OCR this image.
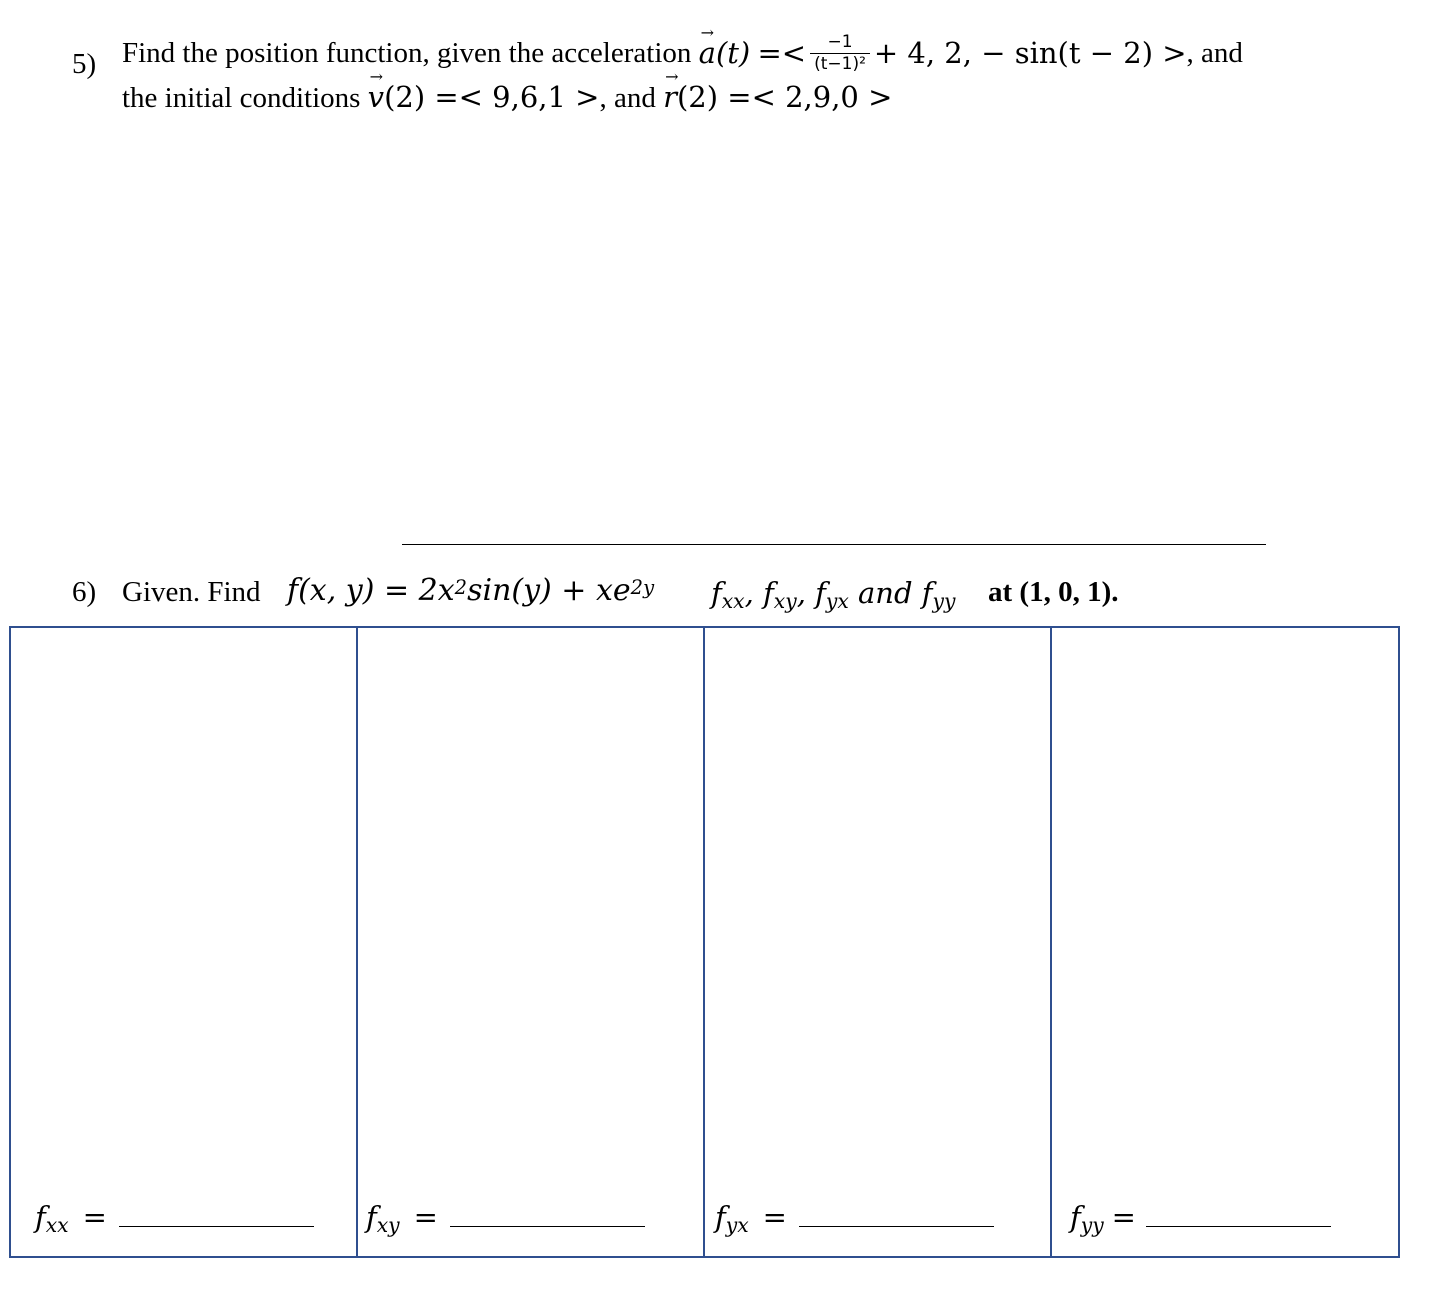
5) Find the position function, given the acceleration
→ a (t)
=< $\frac{-1}{\text{(t−1)²}} + 4$, 2, − sin(t − 2) > , and
the initial conditions → v(2) =< 9,6,1 >, and → r(2) =< 2,9,0 >
6) Given. Find f(x, $y) = 2x^2\sin(y) + xe^{2y}$ $f_{xx}$, $f_{xy}$, $f_{yx}$ and $f_{yy}$ at (1, 0, 1).
$f_{xx}$ =	$f_{xy}$ =	$f_{yx}$ =	$f_{yy}$ =
